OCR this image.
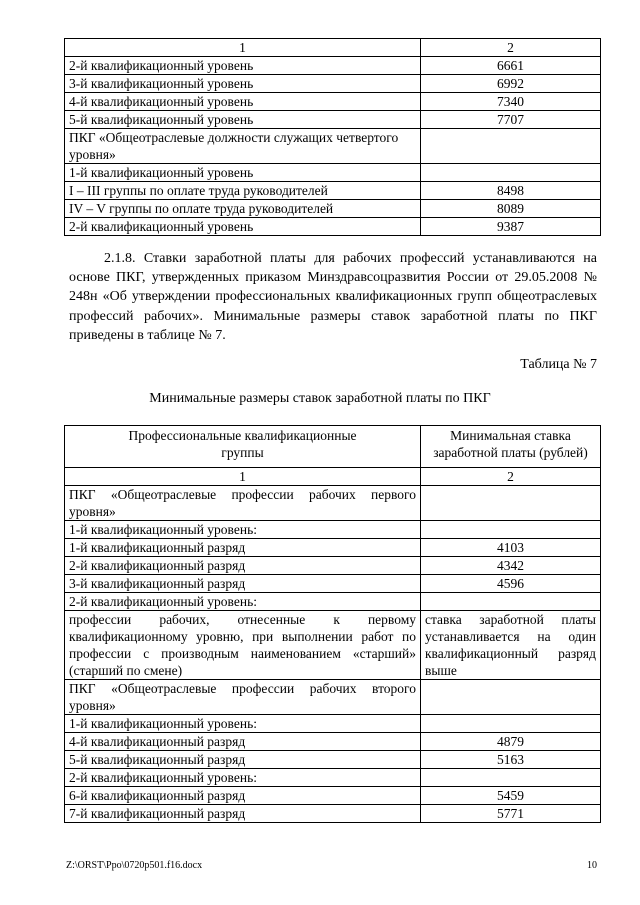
1	2
2-й квалификационный уровень	6661
3-й квалификационный уровень	6992
4-й квалификационный уровень	7340
5-й квалификационный уровень	7707
ПКГ «Общеотраслевые должности служащих четвертого уровня»	
1-й квалификационный уровень	
I – III группы по оплате труда руководителей	8498
IV – V группы по оплате труда руководителей	8089
2-й квалификационный уровень	9387
2.1.8. Ставки заработной платы для рабочих профессий устанавливаются на основе ПКГ, утвержденных приказом Минздравсоцразвития России от 29.05.2008 № 248н «Об утверждении профессиональных квалификационных групп общеотраслевых профессий рабочих». Минимальные размеры ставок заработной платы по ПКГ приведены в таблице № 7.
Таблица № 7
Минимальные размеры ставок заработной платы по ПКГ
Профессиональные квалификационные группы	Минимальная ставка заработной платы (рублей)
1	2
ПКГ «Общеотраслевые профессии рабочих первого уровня»	
1-й квалификационный уровень:	
1-й квалификационный разряд	4103
2-й квалификационный разряд	4342
3-й квалификационный разряд	4596
2-й квалификационный уровень:	
профессии рабочих, отнесенные к первому квалификационному уровню, при выполнении работ по профессии с производным наименованием «старший» (старший по смене)	ставка заработной платы устанавливается на один квалификационный разряд выше
ПКГ «Общеотраслевые профессии рабочих второго уровня»	
1-й квалификационный уровень:	
4-й квалификационный разряд	4879
5-й квалификационный разряд	5163
2-й квалификационный уровень:	
6-й квалификационный разряд	5459
7-й квалификационный разряд	5771
Z:\ORST\Ppo\0720p501.f16.docx	10
